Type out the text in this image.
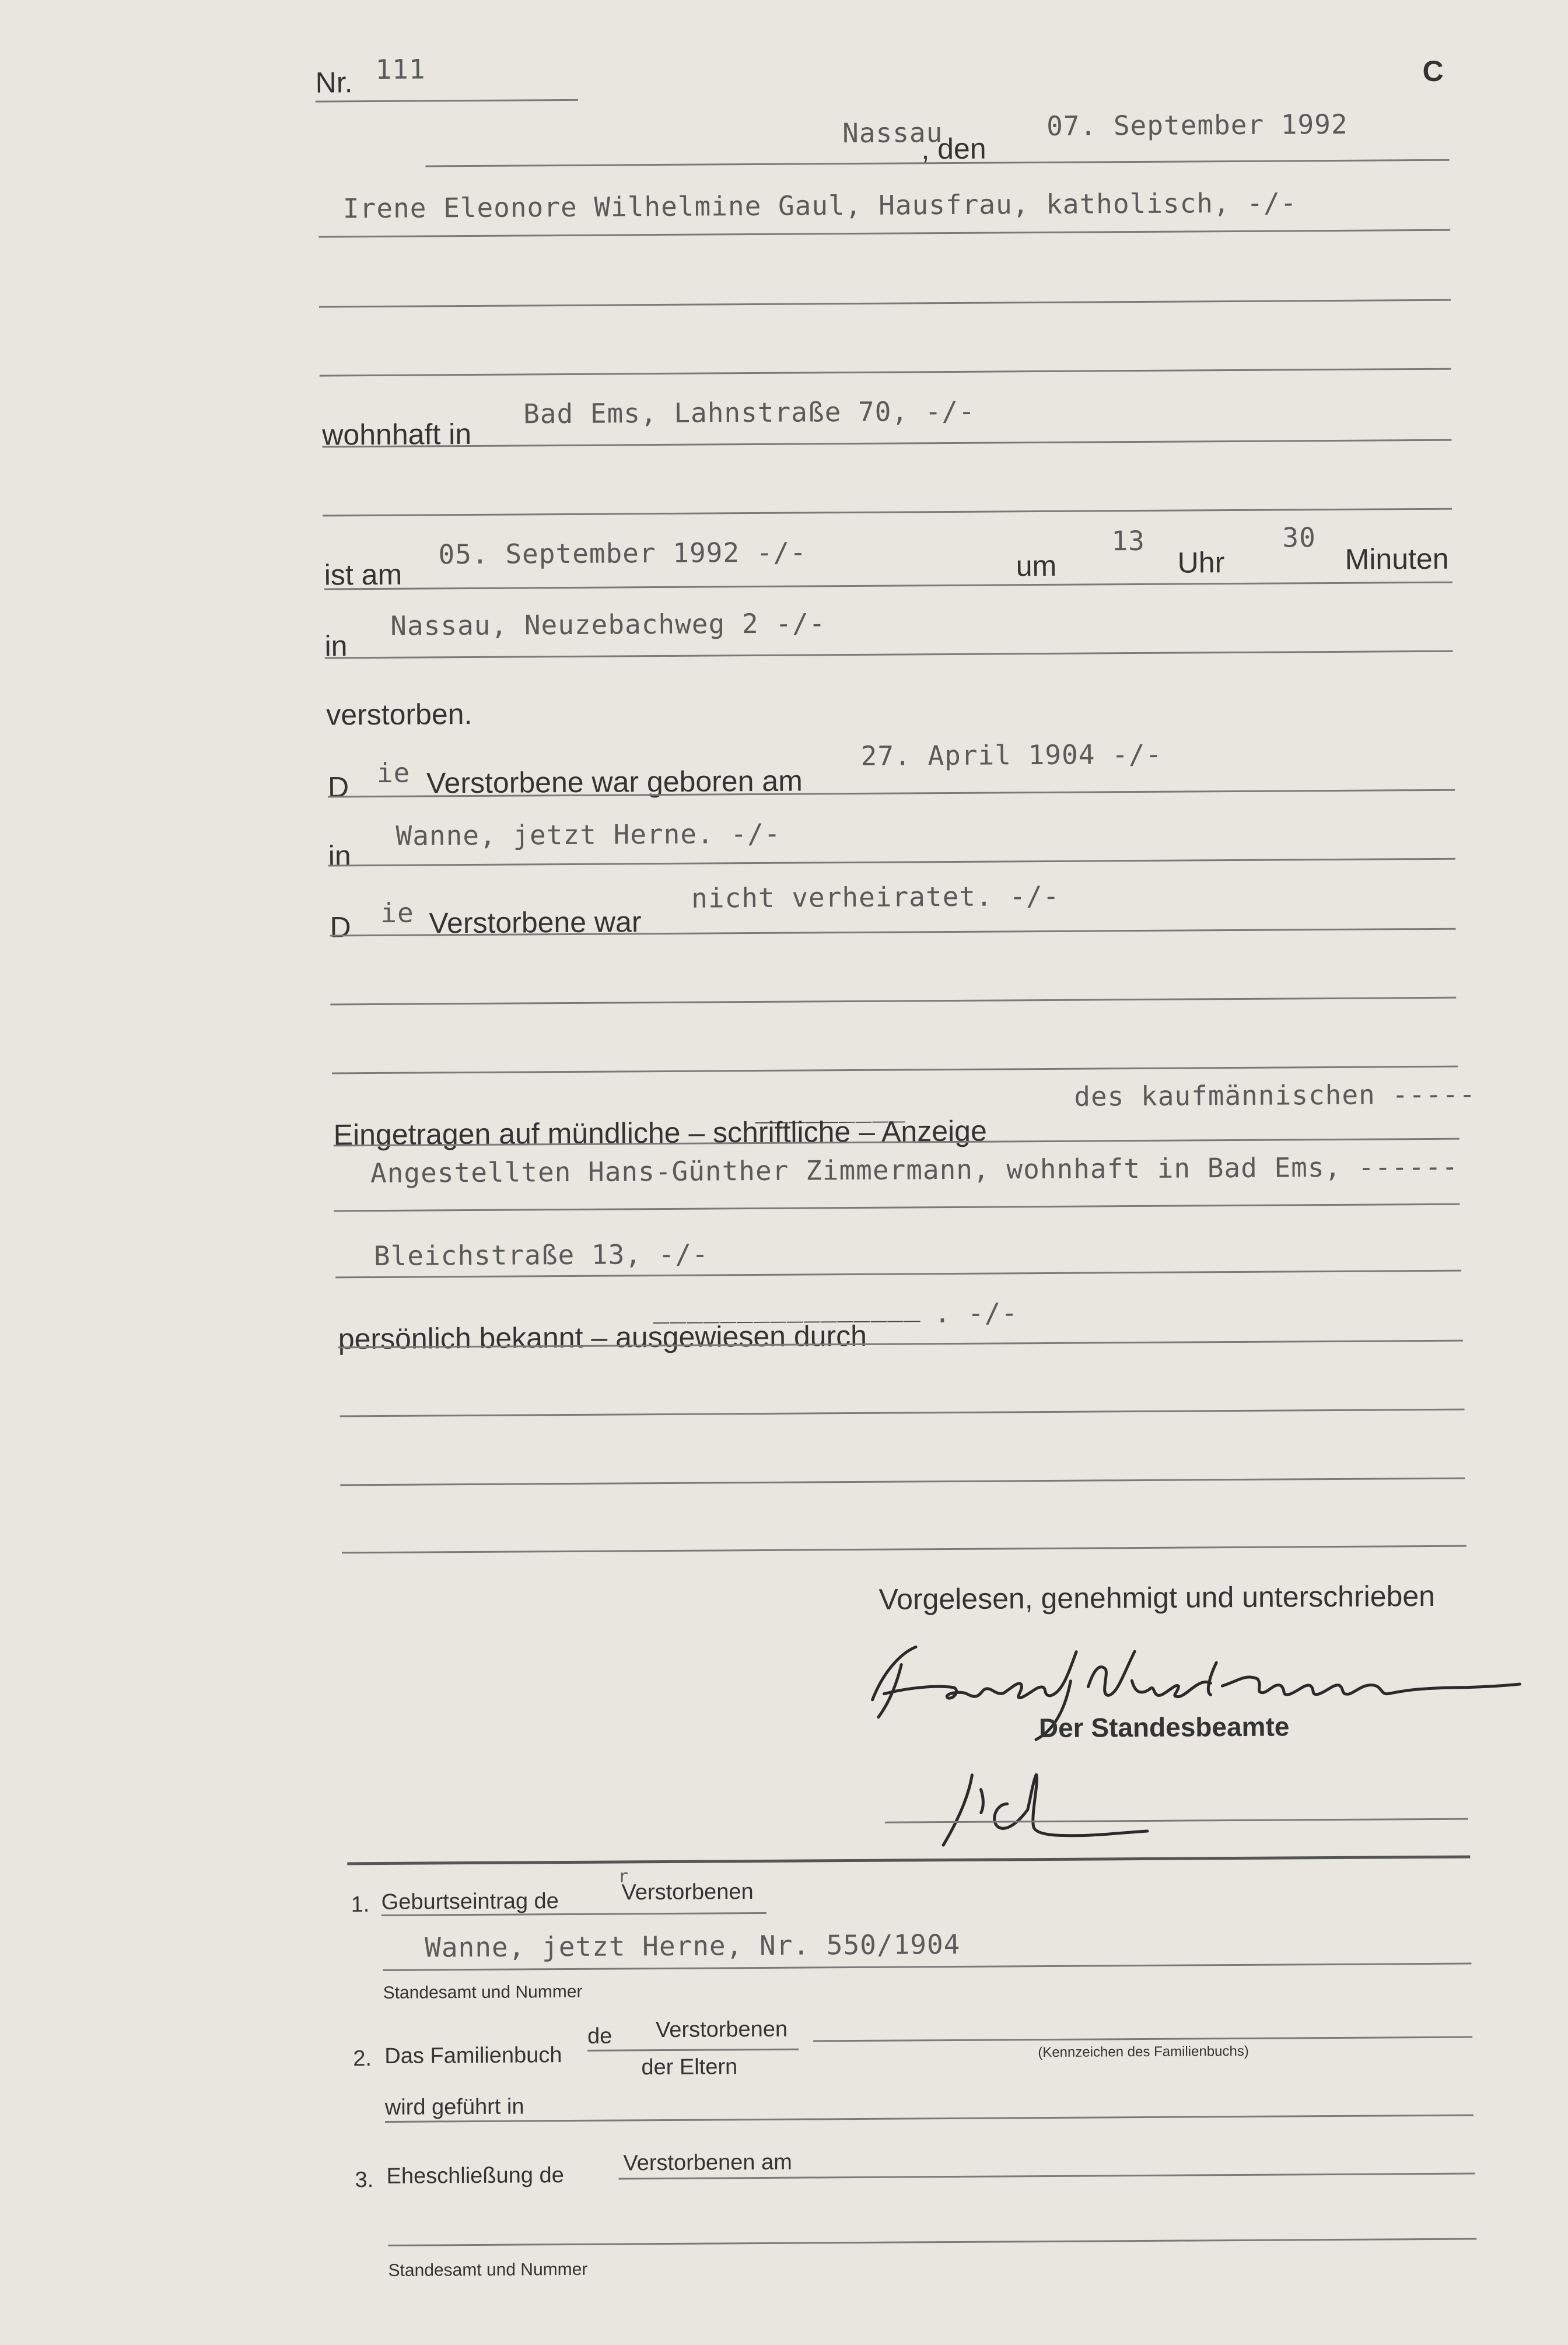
Nr. 111	C
Nassau
, den
07. September 1992
Irene Eleonore Wilhelmine Gaul, Hausfrau, katholisch, -/-
wohnhaft in
Bad Ems, Lahnstraße 70, -/-
ist am
05. September 1992 -/-	um
13
Uhr
30
Minuten
in
Nassau, Neuzebachweg 2 -/-
verstorben.
D ie Verstorbene war geboren am
27. April 1904 -/-
in
Wanne, jetzt Herne. -/-
D ie Verstorbene war
nicht verheiratet. -/-
_________
Eingetragen auf mündliche – schriftliche – Anzeige
des kaufmännischen -----
Angestellten Hans-Günther Zimmermann, wohnhaft in Bad Ems, ------
Bleichstraße 13, -/-
________________
persönlich bekannt – ausgewiesen durch
. -/-
Vorgelesen, genehmigt und unterschrieben
Der Standesbeamte
1. Geburtseintrag de
r
Verstorbenen
Wanne, jetzt Herne, Nr. 550/1904
Standesamt und Nummer
2. Das Familienbuch
de Verstorbenen
der Eltern
(Kennzeichen des Familienbuchs)
wird geführt in
3. Eheschließung de
Verstorbenen am
Standesamt und Nummer
